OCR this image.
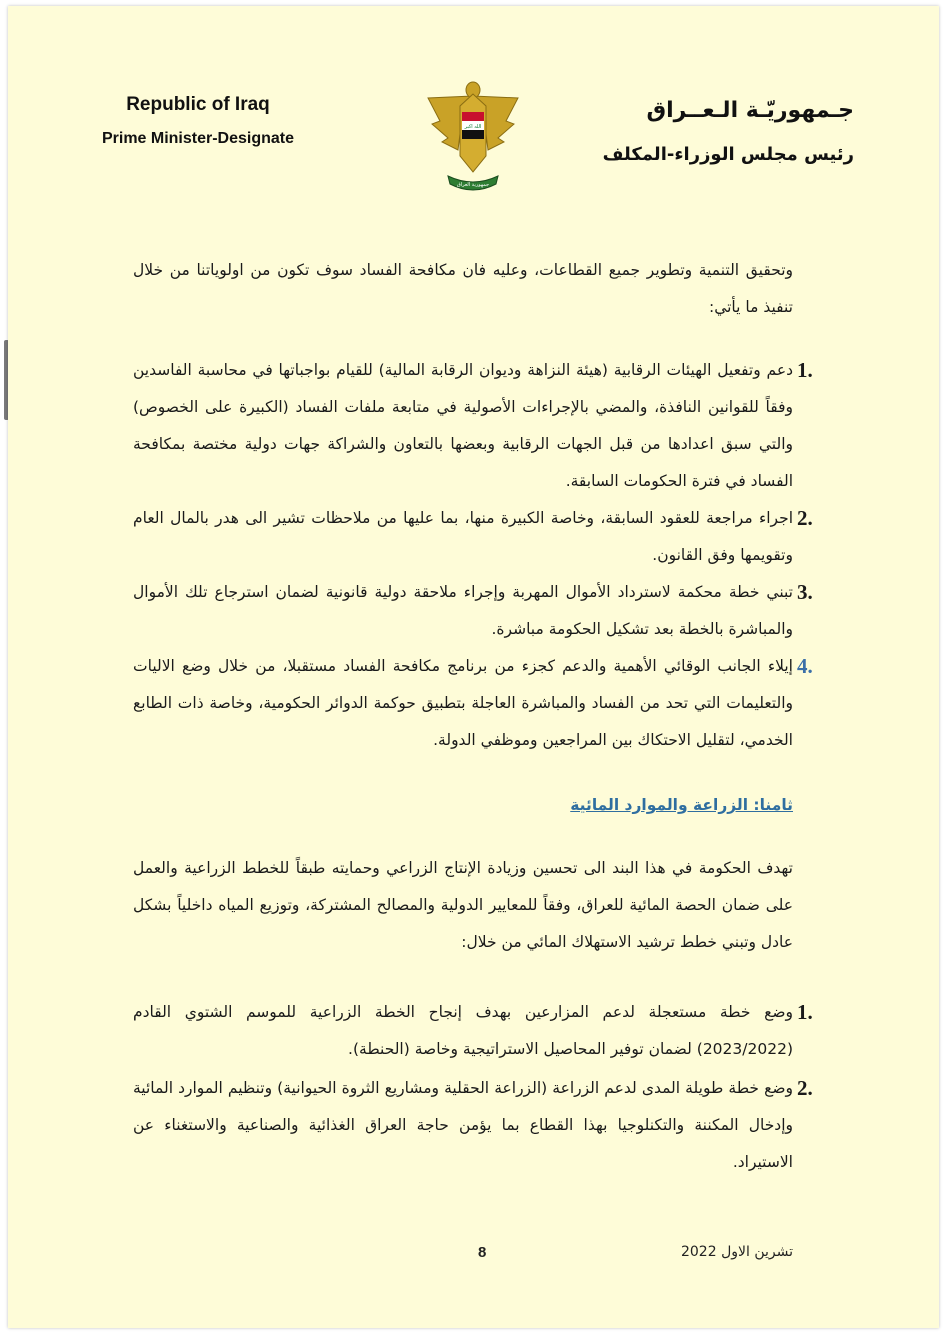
Republic of Iraq
Prime Minister-Designate
جـمهوريّـة الـعــراق
رئيس مجلس الوزراء-المكلف
الله اكبر
جمهورية العراق
وتحقيق التنمية وتطوير جميع القطاعات، وعليه فان مكافحة الفساد سوف تكون من اولوياتنا من خلال تنفيذ ما يأتي:
1.
دعم وتفعيل الهيئات الرقابية (هيئة النزاهة وديوان الرقابة المالية) للقيام بواجباتها في محاسبة الفاسدين وفقاً للقوانين النافذة، والمضي بالإجراءات الأصولية في متابعة ملفات الفساد (الكبيرة على الخصوص) والتي سبق اعدادها من قبل الجهات الرقابية وبعضها بالتعاون والشراكة جهات دولية مختصة بمكافحة الفساد في فترة الحكومات السابقة.
2.
اجراء مراجعة للعقود السابقة، وخاصة الكبيرة منها، بما عليها من ملاحظات تشير الى هدر بالمال العام وتقويمها وفق القانون.
3.
تبني خطة محكمة لاسترداد الأموال المهربة وإجراء ملاحقة دولية قانونية لضمان استرجاع تلك الأموال والمباشرة بالخطة بعد تشكيل الحكومة مباشرة.
4.
إيلاء الجانب الوقائي الأهمية والدعم كجزء من برنامج مكافحة الفساد مستقبلا، من خلال وضع الاليات والتعليمات التي تحد من الفساد والمباشرة العاجلة بتطبيق حوكمة الدوائر الحكومية، وخاصة ذات الطابع الخدمي، لتقليل الاحتكاك بين المراجعين وموظفي الدولة.
ثامنا: الزراعة والموارد المائية
تهدف الحكومة في هذا البند الى تحسين وزيادة الإنتاج الزراعي وحمايته طبقاً للخطط الزراعية والعمل على ضمان الحصة المائية للعراق، وفقاً للمعايير الدولية والمصالح المشتركة، وتوزيع المياه داخلياً بشكل عادل وتبني خطط ترشيد الاستهلاك المائي من خلال:
1.
وضع خطة مستعجلة لدعم المزارعين بهدف إنجاح الخطة الزراعية للموسم الشتوي القادم (2023/2022) لضمان توفير المحاصيل الاستراتيجية وخاصة (الحنطة).
2.
وضع خطة طويلة المدى لدعم الزراعة (الزراعة الحقلية ومشاريع الثروة الحيوانية) وتنظيم الموارد المائية وإدخال المكننة والتكنلوجيا بهذا القطاع بما يؤمن حاجة العراق الغذائية والصناعية والاستغناء عن الاستيراد.
8	تشرين الاول 2022
